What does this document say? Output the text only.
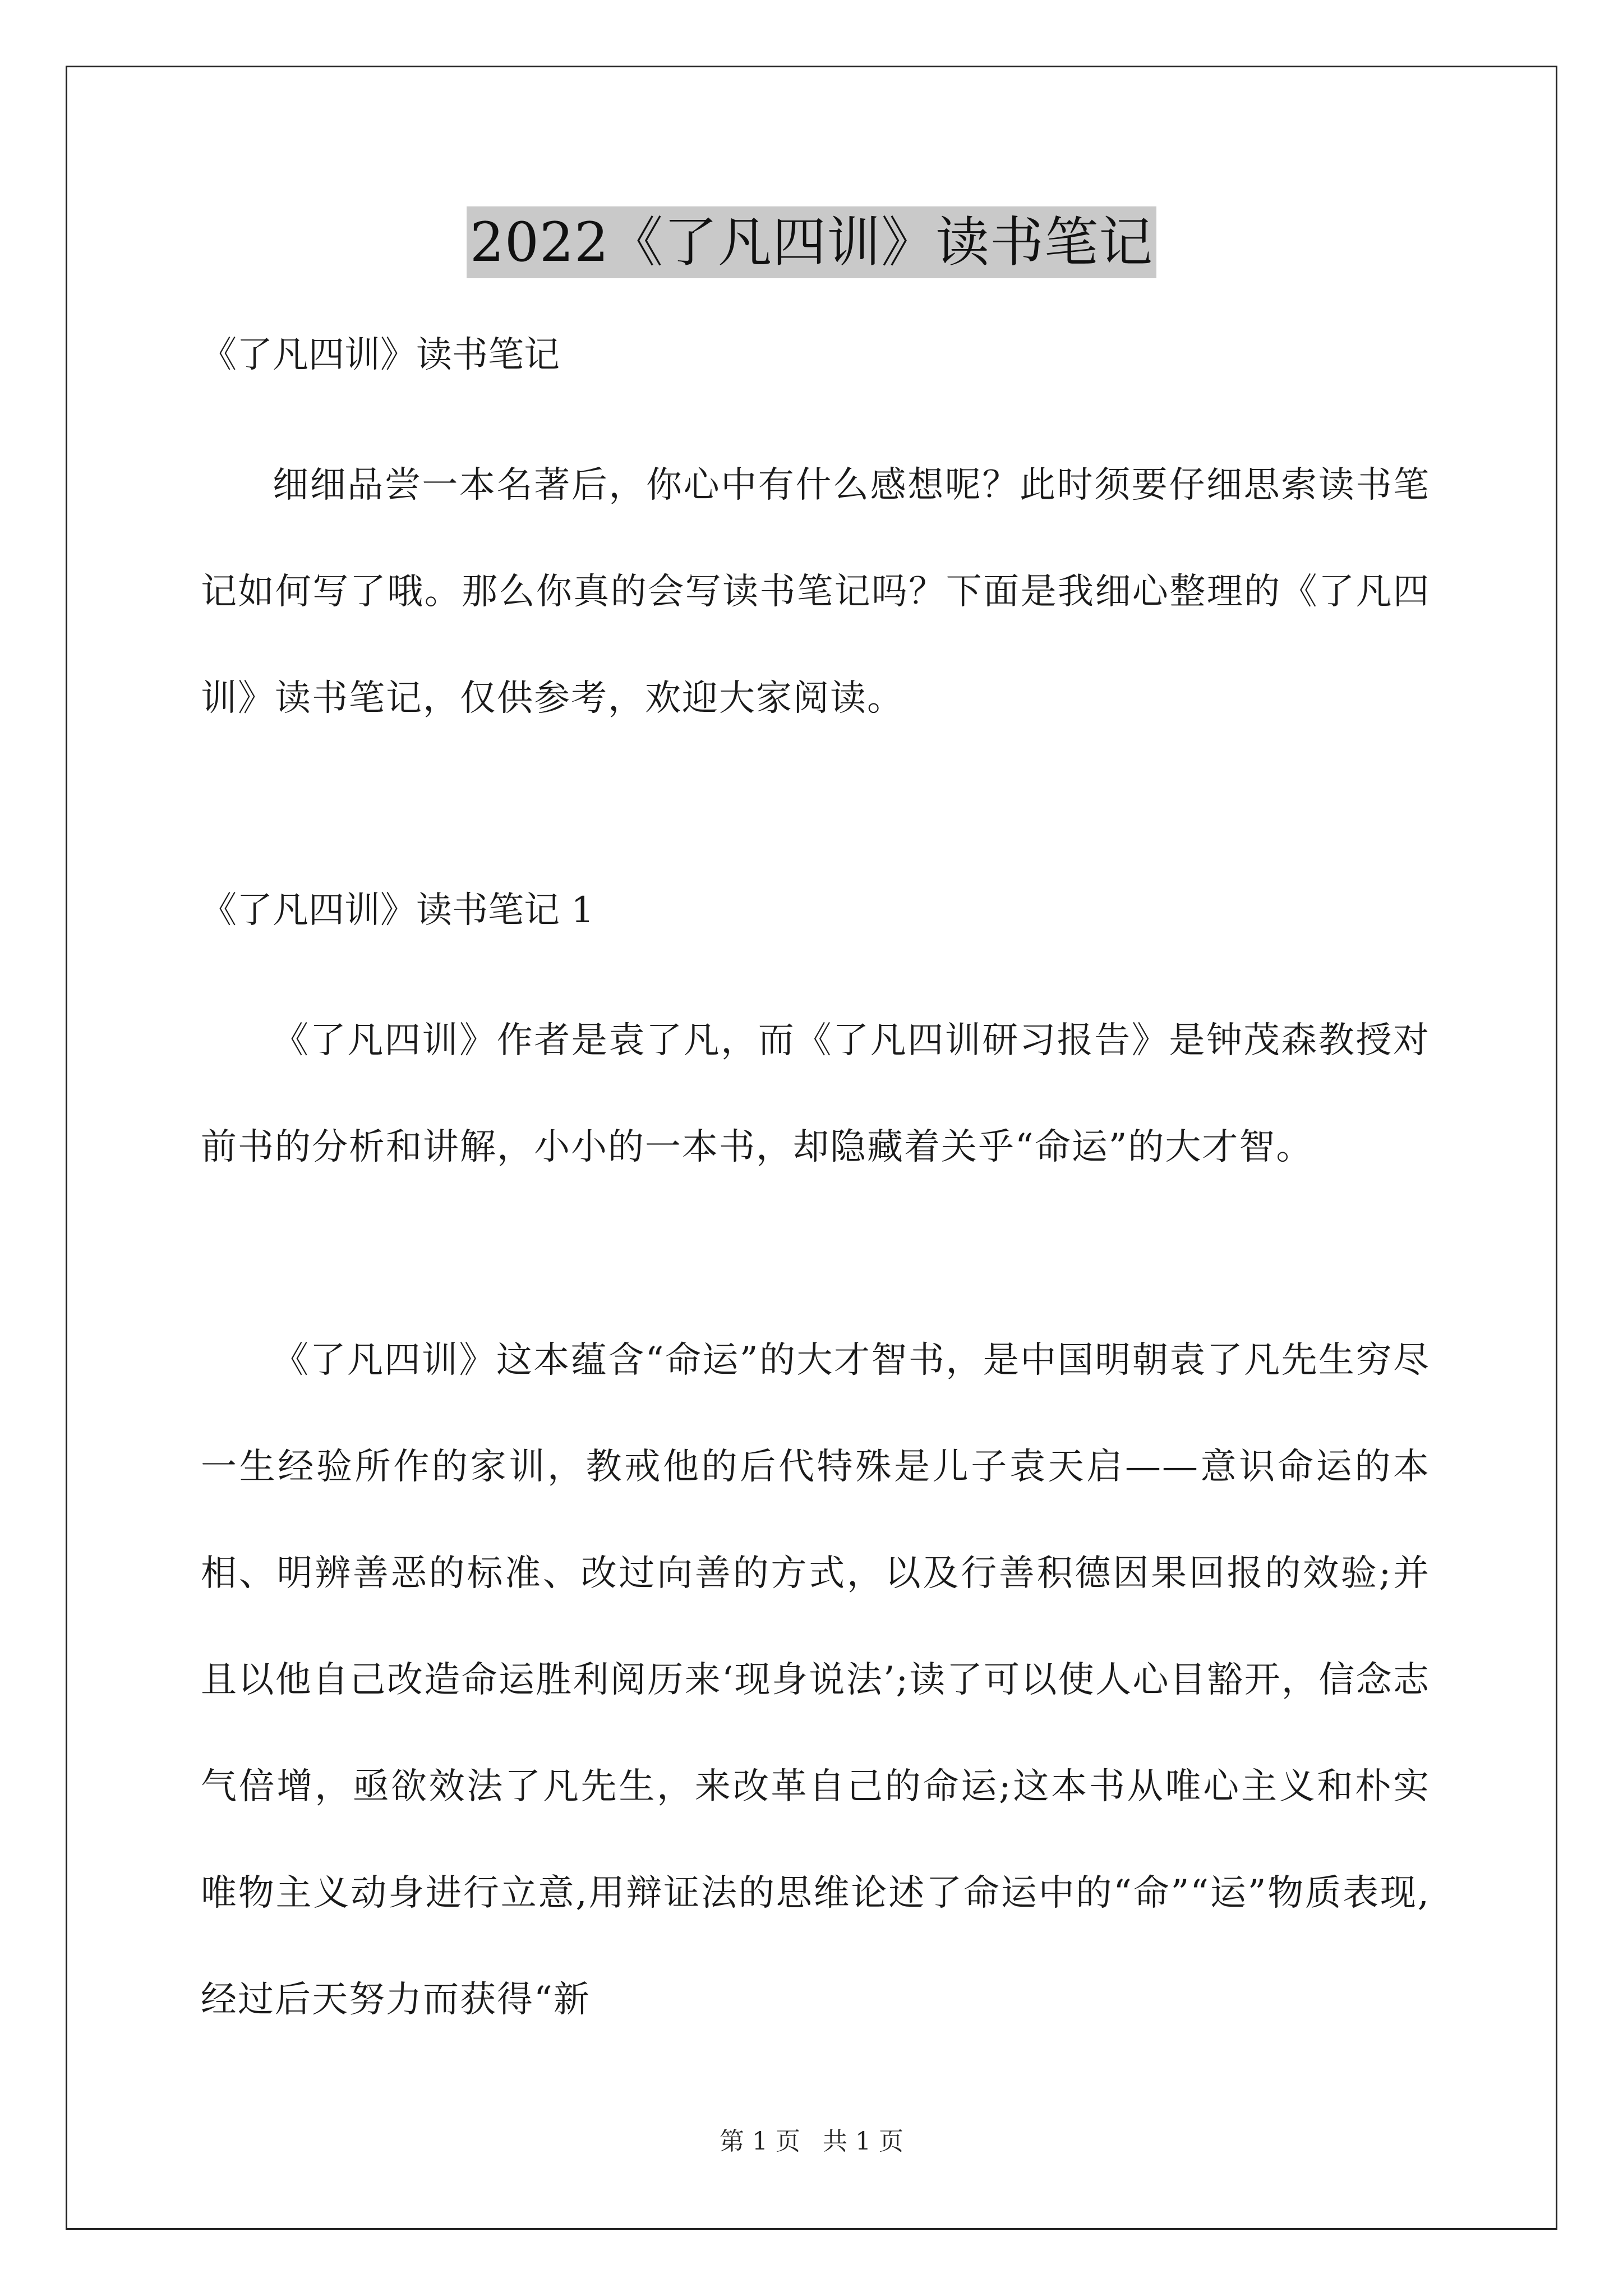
2022《了凡四训》读书笔记
《了凡四训》读书笔记
细细品尝一本名著后，你心中有什么感想呢？此时须要仔细思索读书笔记如何写了哦。那么你真的会写读书笔记吗？下面是我细心整理的《了凡四训》读书笔记，仅供参考，欢迎大家阅读。
《了凡四训》读书笔记 1
《了凡四训》作者是袁了凡，而《了凡四训研习报告》是钟茂森教授对前书的分析和讲解，小小的一本书，却隐藏着关乎“命运”的大才智。
《了凡四训》这本蕴含“命运”的大才智书，是中国明朝袁了凡先生穷尽一生经验所作的家训，教戒他的后代特殊是儿子袁天启——意识命运的本相、明辨善恶的标准、改过向善的方式，以及行善积德因果回报的效验;并且以他自己改造命运胜利阅历来‘现身说法’;读了可以使人心目豁开，信念志气倍增，亟欲效法了凡先生，来改革自己的命运;这本书从唯心主义和朴实唯物主义动身进行立意,用辩证法的思维论述了命运中的“命”“运”物质表现,经过后天努力而获得“新
第 1 页 共 1 页
